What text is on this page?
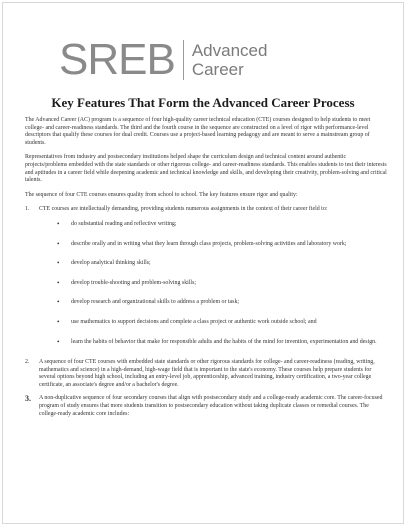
SREB Advanced
Career
Key Features That Form the Advanced Career Process

The Advanced Career (AC) program is a sequence of four high-quality career technical education (CTE) courses designed to help students to meet college- and career-readiness standards. The third and the fourth course in the sequence are constructed on a level of rigor with performance-level descriptors that qualify these courses for dual credit. Courses use a project-based learning pedagogy and are meant to serve a mainstream group of students.

Representatives from industry and postsecondary institutions helped shape the curriculum design and technical content around authentic projects/problems embedded with the state standards or other rigorous college- and career-readiness standards. This enables students to test their interests and aptitudes in a career field while deepening academic and technical knowledge and skills, and developing their creativity, problem-solving and critical talents.

The sequence of four CTE courses ensures quality from school to school. The key features ensure rigor and quality:

1.	CTE courses are intellectually demanding, providing students numerous assignments in the context of their career field to:
•	do substantial reading and reflective writing;
•	describe orally and in writing what they learn through class projects, problem-solving activities and laboratory work;
•	develop analytical thinking skills;
•	develop trouble-shooting and problem-solving skills;
•	develop research and organizational skills to address a problem or task;
•	use mathematics to support decisions and complete a class project or authentic work outside school; and
•	learn the habits of behavior that make for responsible adults and the habits of the mind for invention, experimentation and design.
2.	A sequence of four CTE courses with embedded state standards or other rigorous standards for college- and career-readiness (reading, writing, mathematics and science) in a high-demand, high-wage field that is important to the state's economy. These courses help prepare students for several options beyond high school, including an entry-level job, apprenticeship, advanced training, industry certification, a two-year college certificate, an associate's degree and/or a bachelor's degree.
3.	A non-duplicative sequence of four secondary courses that align with postsecondary study and a college-ready academic core. The career-focused program of study ensures that more students transition to postsecondary education without taking duplicate classes or remedial courses. The college-ready academic core includes:
